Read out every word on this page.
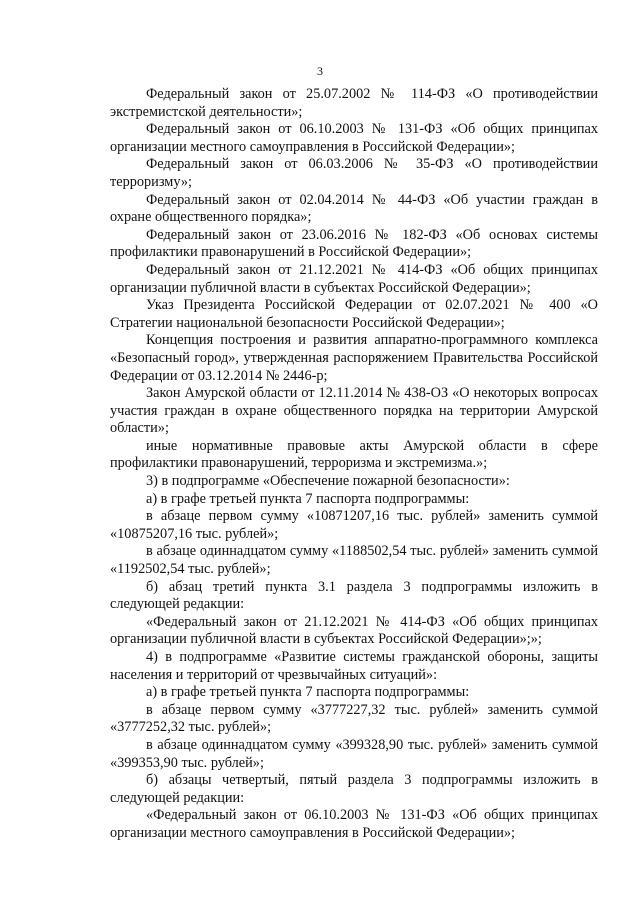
3

Федеральный закон от 25.07.2002 № 114-ФЗ «О противодействии экстремистской деятельности»;

Федеральный закон от 06.10.2003 № 131-ФЗ «Об общих принципах организации местного самоуправления в Российской Федерации»;

Федеральный закон от 06.03.2006 № 35-ФЗ «О противодействии терроризму»;

Федеральный закон от 02.04.2014 № 44-ФЗ «Об участии граждан в охране общественного порядка»;

Федеральный закон от 23.06.2016 № 182-ФЗ «Об основах системы профилактики правонарушений в Российской Федерации»;

Федеральный закон от 21.12.2021 № 414-ФЗ «Об общих принципах организации публичной власти в субъектах Российской Федерации»;

Указ Президента Российской Федерации от 02.07.2021 № 400 «О Стратегии национальной безопасности Российской Федерации»;

Концепция построения и развития аппаратно-программного комплекса «Безопасный город», утвержденная распоряжением Правительства Российской Федерации от 03.12.2014 № 2446-р;

Закон Амурской области от 12.11.2014 № 438-ОЗ «О некоторых вопросах участия граждан в охране общественного порядка на территории Амурской области»;

иные нормативные правовые акты Амурской области в сфере профилактики правонарушений, терроризма и экстремизма.»;

3) в подпрограмме «Обеспечение пожарной безопасности»:

а) в графе третьей пункта 7 паспорта подпрограммы:

в абзаце первом сумму «10871207,16 тыс. рублей» заменить суммой «10875207,16 тыс. рублей»;

в абзаце одиннадцатом сумму «1188502,54 тыс. рублей» заменить суммой «1192502,54 тыс. рублей»;

б) абзац третий пункта 3.1 раздела 3 подпрограммы изложить в следующей редакции:

«Федеральный закон от 21.12.2021 № 414-ФЗ «Об общих принципах организации публичной власти в субъектах Российской Федерации»;»;

4) в подпрограмме «Развитие системы гражданской обороны, защиты населения и территорий от чрезвычайных ситуаций»:

а) в графе третьей пункта 7 паспорта подпрограммы:

в абзаце первом сумму «3777227,32 тыс. рублей» заменить суммой «3777252,32 тыс. рублей»;

в абзаце одиннадцатом сумму «399328,90 тыс. рублей» заменить суммой «399353,90 тыс. рублей»;

б) абзацы четвертый, пятый раздела 3 подпрограммы изложить в следующей редакции:

«Федеральный закон от 06.10.2003 № 131-ФЗ «Об общих принципах организации местного самоуправления в Российской Федерации»;
